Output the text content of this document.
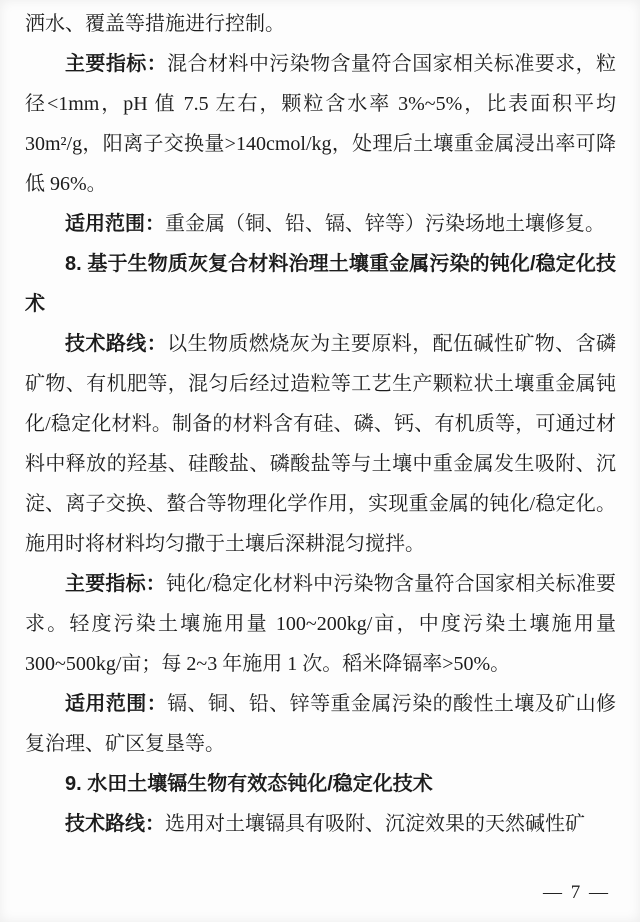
洒水、覆盖等措施进行控制。

主要指标：混合材料中污染物含量符合国家相关标准要求，粒径<1mm，pH 值 7.5 左右，颗粒含水率 3%~5%，比表面积平均 30m²/g，阳离子交换量>140cmol/kg，处理后土壤重金属浸出率可降低 96%。

适用范围：重金属（铜、铅、镉、锌等）污染场地土壤修复。

8. 基于生物质灰复合材料治理土壤重金属污染的钝化/稳定化技术

技术路线：以生物质燃烧灰为主要原料，配伍碱性矿物、含磷矿物、有机肥等，混匀后经过造粒等工艺生产颗粒状土壤重金属钝化/稳定化材料。制备的材料含有硅、磷、钙、有机质等，可通过材料中释放的羟基、硅酸盐、磷酸盐等与土壤中重金属发生吸附、沉淀、离子交换、螯合等物理化学作用，实现重金属的钝化/稳定化。施用时将材料均匀撒于土壤后深耕混匀搅拌。

主要指标：钝化/稳定化材料中污染物含量符合国家相关标准要求。轻度污染土壤施用量 100~200kg/亩，中度污染土壤施用量 300~500kg/亩；每 2~3 年施用 1 次。稻米降镉率>50%。

适用范围：镉、铜、铅、锌等重金属污染的酸性土壤及矿山修复治理、矿区复垦等。

9. 水田土壤镉生物有效态钝化/稳定化技术

技术路线：选用对土壤镉具有吸附、沉淀效果的天然碱性矿

— 7 —
